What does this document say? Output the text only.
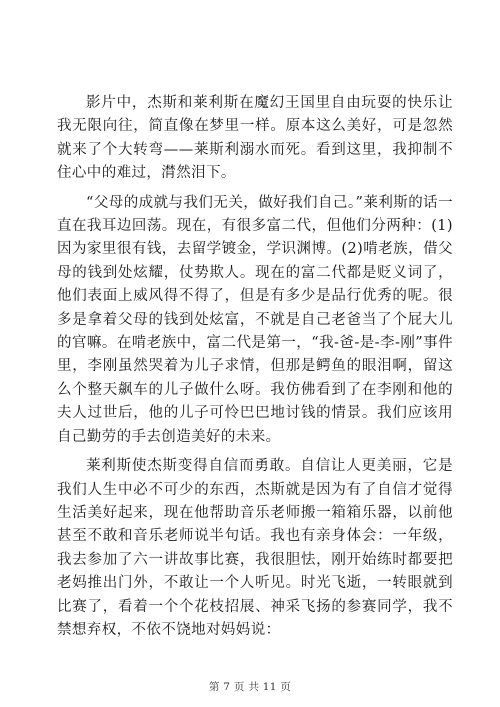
影片中，杰斯和莱利斯在魔幻王国里自由玩耍的快乐让我无限向往，简直像在梦里一样。原本这么美好，可是忽然就来了个大转弯——莱斯利溺水而死。看到这里，我抑制不住心中的难过，潸然泪下。

“父母的成就与我们无关，做好我们自己。”莱利斯的话一直在我耳边回荡。现在，有很多富二代，但他们分两种：(1)因为家里很有钱，去留学镀金，学识渊博。(2)啃老族，借父母的钱到处炫耀，仗势欺人。现在的富二代都是贬义词了，他们表面上威风得不得了，但是有多少是品行优秀的呢。很多是拿着父母的钱到处炫富，不就是自己老爸当了个屁大儿的官嘛。在啃老族中，富二代是第一，“我-爸-是-李-刚”事件里，李刚虽然哭着为儿子求情，但那是鳄鱼的眼泪啊，留这么个整天飙车的儿子做什么呀。我仿佛看到了在李刚和他的夫人过世后，他的儿子可怜巴巴地讨钱的情景。我们应该用自己勤劳的手去创造美好的未来。

莱利斯使杰斯变得自信而勇敢。自信让人更美丽，它是我们人生中必不可少的东西，杰斯就是因为有了自信才觉得生活美好起来，现在他帮助音乐老师搬一箱箱乐器，以前他甚至不敢和音乐老师说半句话。我也有亲身体会：一年级，我去参加了六一讲故事比赛，我很胆怯，刚开始练时都要把老妈推出门外，不敢让一个人听见。时光飞逝，一转眼就到比赛了，看着一个个花枝招展、神采飞扬的参赛同学，我不禁想弃权，不依不饶地对妈妈说：

第 7 页 共 11 页
